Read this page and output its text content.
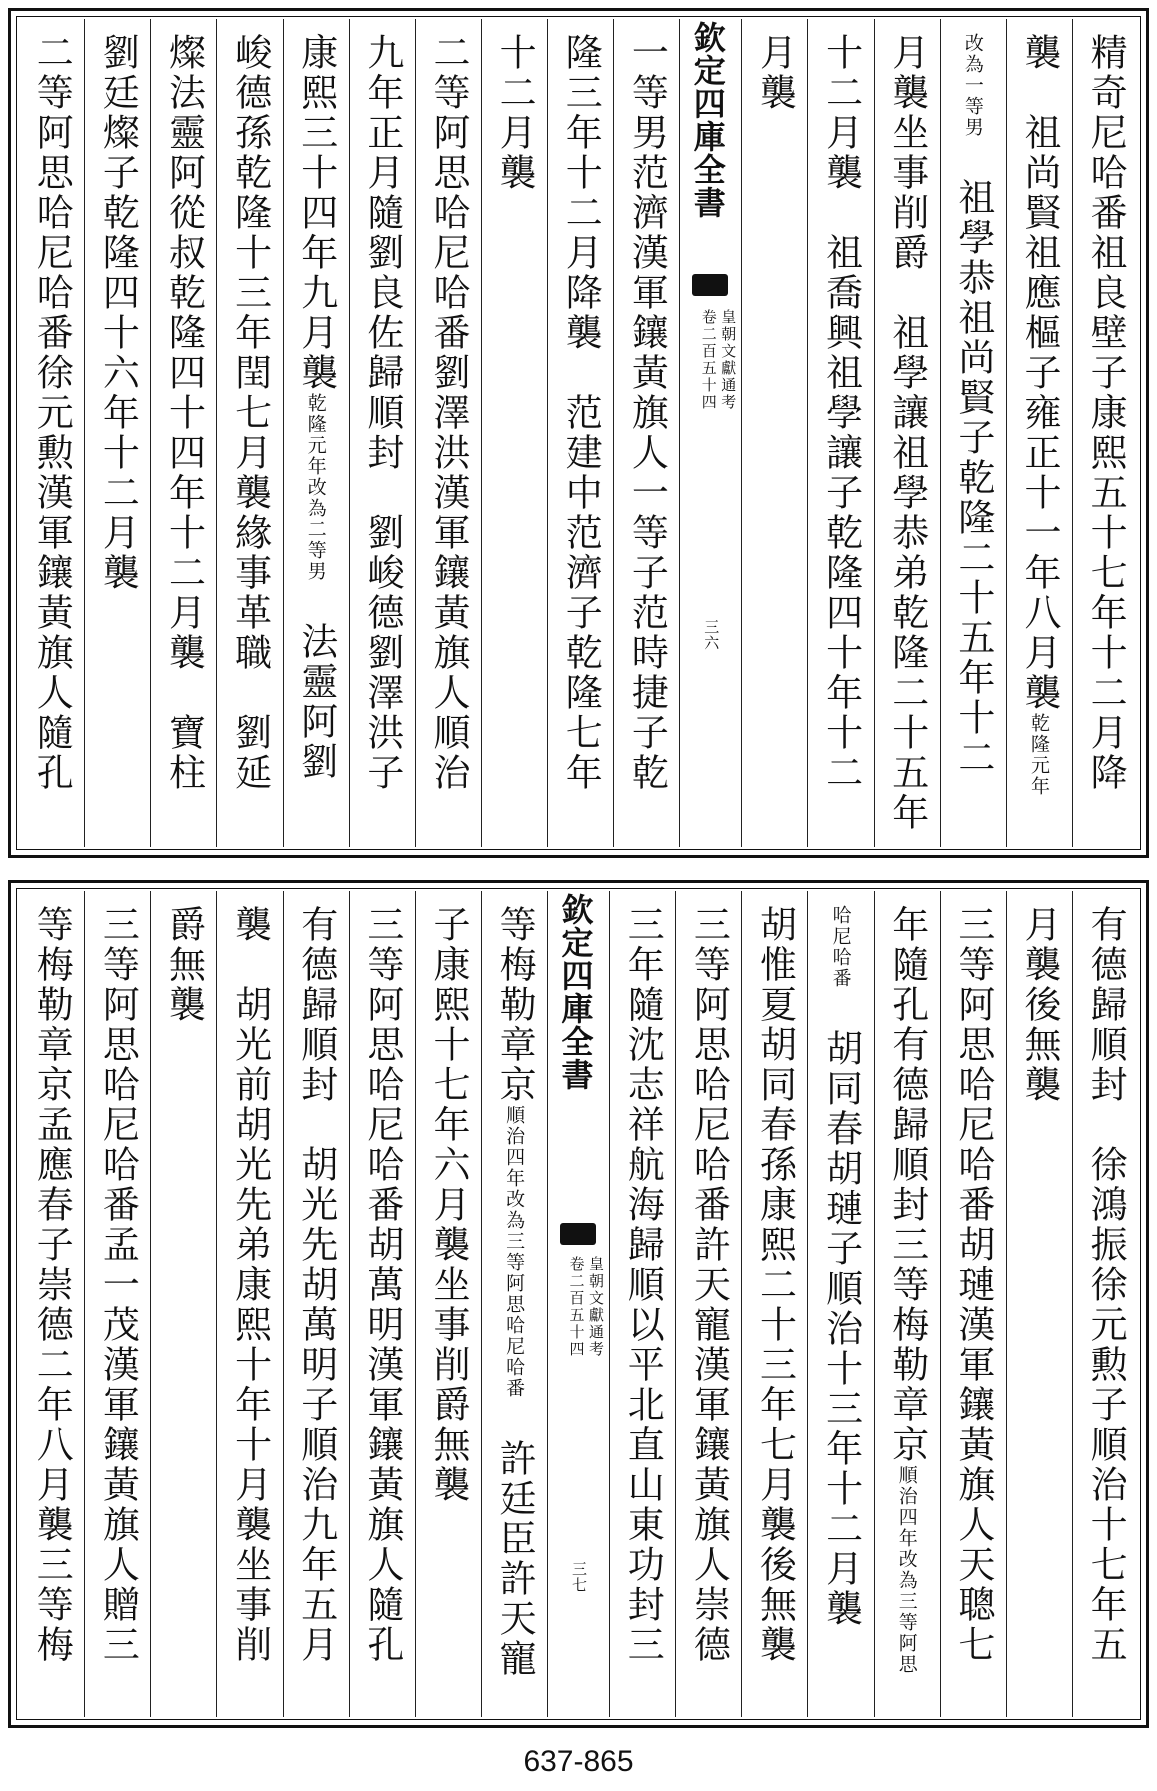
精奇尼哈番祖良壁子康熙五十七年十二月降
襲　祖尚賢祖應樞子雍正十一年八月襲乾隆元年
改為一等男　祖學恭祖尚賢子乾隆二十五年十二
月襲坐事削爵　祖學讓祖學恭弟乾隆二十五年
十二月襲　祖喬興祖學讓子乾隆四十年十二
月襲
欽定四庫全書
皇朝文獻通考
卷二百五十四
三六
一等男范濟漢軍鑲黃旗人一等子范時捷子乾
隆三年十二月降襲　范建中范濟子乾隆七年
十二月襲
二等阿思哈尼哈番劉澤洪漢軍鑲黃旗人順治
九年正月隨劉良佐歸順封　劉峻德劉澤洪子
康熙三十四年九月襲乾隆元年改為二等男　法靈阿劉
峻德孫乾隆十三年閏七月襲緣事革職　劉延
燦法靈阿從叔乾隆四十四年十二月襲　寶柱
劉廷燦子乾隆四十六年十二月襲
二等阿思哈尼哈番徐元勲漢軍鑲黃旗人隨孔
有德歸順封　徐鴻振徐元勲子順治十七年五
月襲後無襲
三等阿思哈尼哈番胡璉漢軍鑲黃旗人天聰七
年隨孔有德歸順封三等梅勒章京順治四年改為三等阿思
哈尼哈番　胡同春胡璉子順治十三年十二月襲
胡惟夏胡同春孫康熙二十三年七月襲後無襲
三等阿思哈尼哈番許天寵漢軍鑲黃旗人崇德
三年隨沈志祥航海歸順以平北直山東功封三
欽定四庫全書
皇朝文獻通考
卷二百五十四
三七
等梅勒章京順治四年改為三等阿思哈尼哈番　許廷臣許天寵
子康熙十七年六月襲坐事削爵無襲
三等阿思哈尼哈番胡萬明漢軍鑲黃旗人隨孔
有德歸順封　胡光先胡萬明子順治九年五月
襲　胡光前胡光先弟康熙十年十月襲坐事削
爵無襲
三等阿思哈尼哈番孟一茂漢軍鑲黃旗人贈三
等梅勒章京孟應春子崇德二年八月襲三等梅
637-865
